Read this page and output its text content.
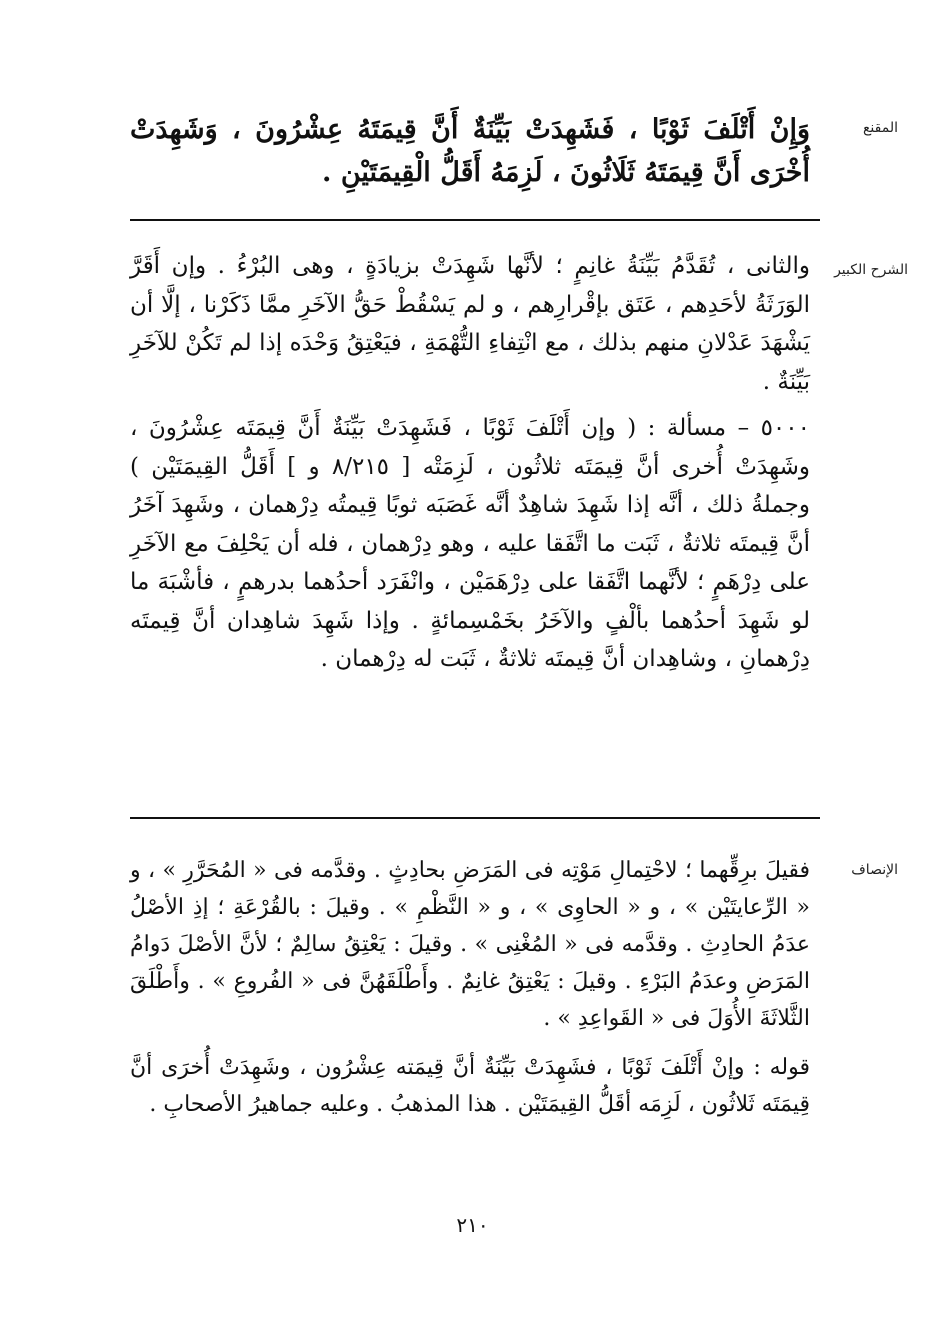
المقنع

وَإِنْ أَتْلَفَ ثَوْبًا ، فَشَهِدَتْ بَيِّنَةٌ أَنَّ قِيمَتَهُ عِشْرُونَ ، وَشَهِدَتْ أُخْرَى أَنَّ قِيمَتَهُ ثَلَاثُونَ ، لَزِمَهُ أَقَلُّ الْقِيمَتَيْنِ .

الشرح الكبير

والثانى ، تُقَدَّمُ بَيِّنَةُ غانِمٍ ؛ لأنَّها شَهِدَتْ بزيادَةٍ ، وهى البُرْءُ . وإن أَقَرَّ الوَرَثَةُ لأحَدِهم ، عَتَق بإقْرارِهم ، و لم يَسْقُطْ حَقُّ الآخَرِ ممَّا ذَكَرْنا ، إلَّا أن يَشْهَدَ عَدْلانِ منهم بذلك ، مع انْتِفاءِ التُّهْمَةِ ، فيَعْتِقُ وَحْدَه إذا لم تَكُنْ للآخَرِ بَيِّنَةٌ .

٥٠٠٠ – مسألة : ( وإن أَتْلَفَ ثَوْبًا ، فَشَهِدَتْ بَيِّنَةٌ أَنَّ قِيمَتَه عِشْرُونَ ، وشَهِدَتْ أُخرى أنَّ قِيمَتَه ثلاثُون ، لَزِمَتْه [ ٨/٢١٥ و ] أَقَلُّ القِيمَتَيْن ) وجملةُ ذلك ، أنَّه إذا شَهِدَ شاهِدٌ أنَّه غَصَبَه ثوبًا قِيمتُه دِرْهمان ، وشَهِدَ آخَرُ أنَّ قِيمتَه ثلاثةٌ ، ثَبَت ما اتَّفَقا عليه ، وهو دِرْهمان ، فله أن يَحْلِفَ مع الآخَرِ على دِرْهَمٍ ؛ لأنَّهما اتَّفَقا على دِرْهَمَيْن ، وانْفَرَد أحدُهما بدرهمٍ ، فأشْبَهَ ما لو شَهِدَ أحدُهما بألْفٍ والآخَرُ بخَمْسِمائةٍ . وإذا شَهِدَ شاهِدان أنَّ قِيمتَه دِرْهمانِ ، وشاهِدان أنَّ قِيمتَه ثلاثةٌ ، ثَبَت له دِرْهمان .

الإنصاف

فقيلَ برِقِّهما ؛ لاحْتِمالِ مَوْتِه فى المَرَضِ بحادِثٍ . وقدَّمه فى « المُحَرَّرِ » ، و « الرِّعايتَيْن » ، و « الحاوِى » ، و « النَّظْمِ » . وقيلَ : بالقُرْعَةِ ؛ إذِ الأصْلُ عدَمُ الحادِثِ . وقدَّمه فى « المُغْنِى » . وقيلَ : يَعْتِقُ سالِمٌ ؛ لأنَّ الأصْلَ دَوامُ المَرَضِ وعدَمُ البَرْءِ . وقيلَ : يَعْتِقُ غانِمٌ . وأَطْلَقَهُنَّ فى « الفُروعِ » . وأَطْلَقَ الثَّلاثَةَ الأُوَلَ فى « القَواعِدِ » .

قوله : وإنْ أَتْلَفَ ثَوْبًا ، فشَهِدَتْ بَيِّنَةٌ أنَّ قِيمَته عِشْرُون ، وشَهِدَتْ أُخرَى أنَّ قِيمَتَه ثَلاثُون ، لَزِمَه أقَلُّ القِيمَتَيْن . هذا المذهبُ . وعليه جماهيرُ الأصحابِ .

٢١٠
